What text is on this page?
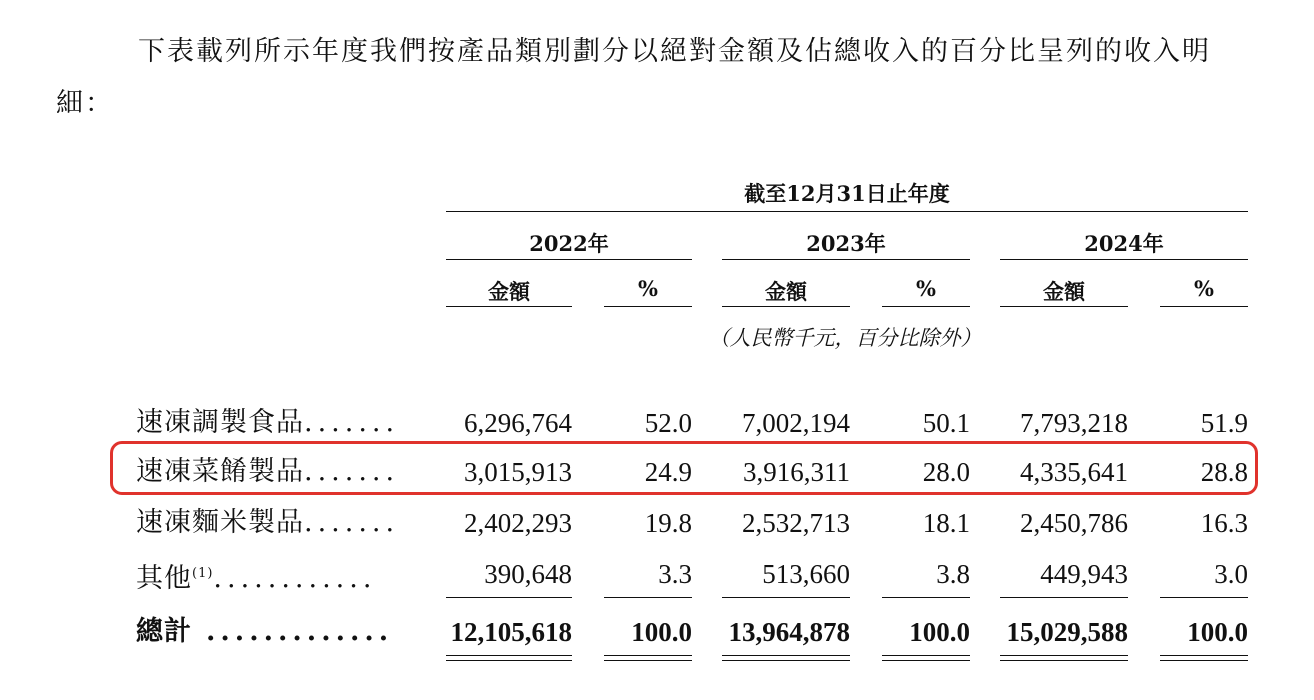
下表載列所示年度我們按產品類別劃分以絕對金額及佔總收入的百分比呈列的收入明細：
截至12月31日止年度
2022年	2023年	2024年
金額	%	金額	%	金額	%
（人民幣千元，百分比除外）
速凍調製食品....... 6,296,764	52.0 7,002,194	50.1 7,793,218	51.9
速凍菜餚製品....... 3,015,913	24.9 3,916,311	28.0 4,335,641	28.8
速凍麵米製品....... 2,402,293	19.8 2,532,713	18.1 2,450,786	16.3
其他$^{(1)}$............	390,648	3.3	513,660	3.8	449,943	3.0
總計 ............. 12,105,618 100.0 13,964,878 100.0 15,029,588 100.0
